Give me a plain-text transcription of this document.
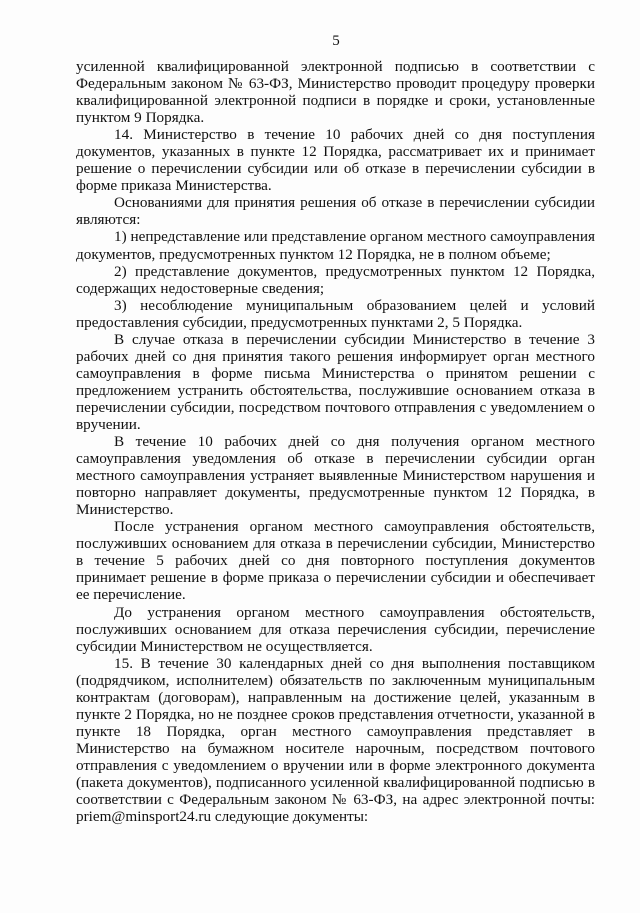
5

усиленной квалифицированной электронной подписью в соответствии с Федеральным законом № 63-ФЗ, Министерство проводит процедуру проверки квалифицированной электронной подписи в порядке и сроки, установленные пунктом 9 Порядка.

14. Министерство в течение 10 рабочих дней со дня поступления документов, указанных в пункте 12 Порядка, рассматривает их и принимает решение о перечислении субсидии или об отказе в перечислении субсидии в форме приказа Министерства.

Основаниями для принятия решения об отказе в перечислении субсидии являются:

1) непредставление или представление органом местного самоуправления документов, предусмотренных пунктом 12 Порядка, не в полном объеме;

2) представление документов, предусмотренных пунктом 12 Порядка, содержащих недостоверные сведения;

3) несоблюдение муниципальным образованием целей и условий предоставления субсидии, предусмотренных пунктами 2, 5 Порядка.

В случае отказа в перечислении субсидии Министерство в течение 3 рабочих дней со дня принятия такого решения информирует орган местного самоуправления в форме письма Министерства о принятом решении с предложением устранить обстоятельства, послужившие основанием отказа в перечислении субсидии, посредством почтового отправления с уведомлением о вручении.

В течение 10 рабочих дней со дня получения органом местного самоуправления уведомления об отказе в перечислении субсидии орган местного самоуправления устраняет выявленные Министерством нарушения и повторно направляет документы, предусмотренные пунктом 12 Порядка, в Министерство.

После устранения органом местного самоуправления обстоятельств, послуживших основанием для отказа в перечислении субсидии, Министерство в течение 5 рабочих дней со дня повторного поступления документов принимает решение в форме приказа о перечислении субсидии и обеспечивает ее перечисление.

До устранения органом местного самоуправления обстоятельств, послуживших основанием для отказа перечисления субсидии, перечисление субсидии Министерством не осуществляется.

15. В течение 30 календарных дней со дня выполнения поставщиком (подрядчиком, исполнителем) обязательств по заключенным муниципальным контрактам (договорам), направленным на достижение целей, указанным в пункте 2 Порядка, но не позднее сроков представления отчетности, указанной в пункте 18 Порядка, орган местного самоуправления представляет в Министерство на бумажном носителе нарочным, посредством почтового отправления с уведомлением о вручении или в форме электронного документа (пакета документов), подписанного усиленной квалифицированной подписью в соответствии с Федеральным законом № 63-ФЗ, на адрес электронной почты: priem@minsport24.ru следующие документы:
